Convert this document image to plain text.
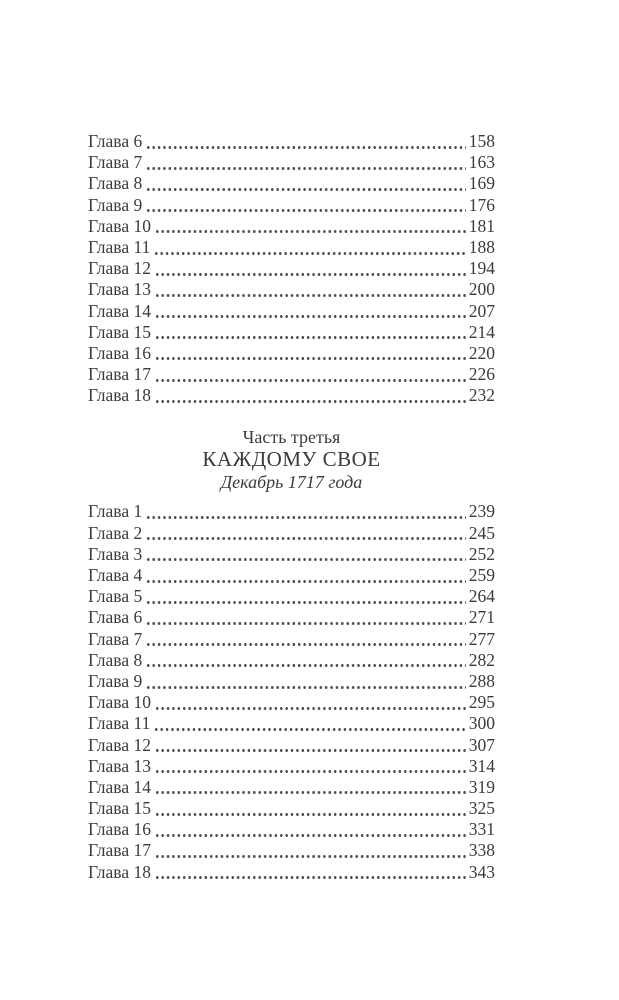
Глава 6	158
Глава 7	163
Глава 8	169
Глава 9	176
Глава 10	181
Глава 11	188
Глава 12	194
Глава 13	200
Глава 14	207
Глава 15	214
Глава 16	220
Глава 17	226
Глава 18	232
Часть третья
КАЖДОМУ СВОЕ
Декабрь 1717 года
Глава 1	239
Глава 2	245
Глава 3	252
Глава 4	259
Глава 5	264
Глава 6	271
Глава 7	277
Глава 8	282
Глава 9	288
Глава 10	295
Глава 11	300
Глава 12	307
Глава 13	314
Глава 14	319
Глава 15	325
Глава 16	331
Глава 17	338
Глава 18	343
